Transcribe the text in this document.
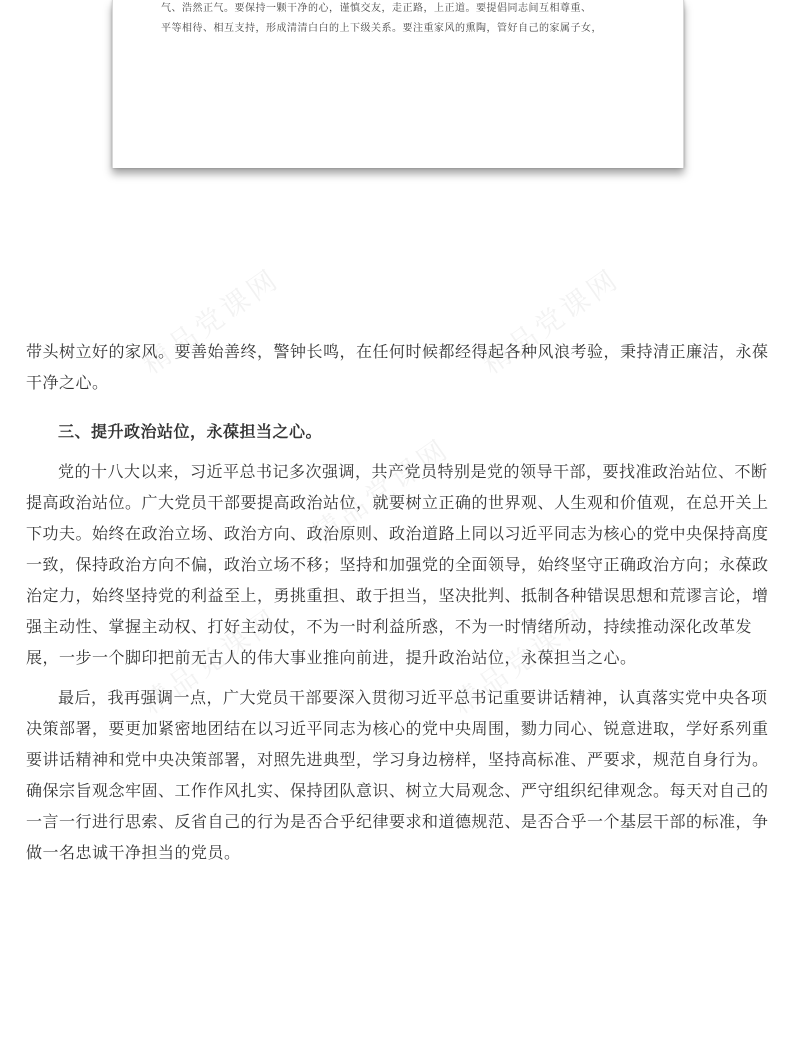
气、浩然正气。要保持一颗干净的心，谨慎交友，走正路，上正道。要提倡同志间互相尊重、
平等相待、相互支持，形成清清白白的上下级关系。要注重家风的熏陶，管好自己的家属子女，
精品党课网	精品党课网
精品党课网
精品党课网
精品党课网

带头树立好的家风。要善始善终，警钟长鸣，在任何时候都经得起各种风浪考验，秉持清正廉洁，永葆干净之心。

三、提升政治站位，永葆担当之心。

党的十八大以来，习近平总书记多次强调，共产党员特别是党的领导干部，要找准政治站位、不断提高政治站位。广大党员干部要提高政治站位，就要树立正确的世界观、人生观和价值观，在总开关上下功夫。始终在政治立场、政治方向、政治原则、政治道路上同以习近平同志为核心的党中央保持高度一致，保持政治方向不偏，政治立场不移；坚持和加强党的全面领导，始终坚守正确政治方向；永葆政治定力，始终坚持党的利益至上，勇挑重担、敢于担当，坚决批判、抵制各种错误思想和荒谬言论，增强主动性、掌握主动权、打好主动仗，不为一时利益所惑，不为一时情绪所动，持续推动深化改革发展，一步一个脚印把前无古人的伟大事业推向前进，提升政治站位，永葆担当之心。

最后，我再强调一点，广大党员干部要深入贯彻习近平总书记重要讲话精神，认真落实党中央各项决策部署，要更加紧密地团结在以习近平同志为核心的党中央周围，勠力同心、锐意进取，学好系列重要讲话精神和党中央决策部署，对照先进典型，学习身边榜样，坚持高标准、严要求，规范自身行为。确保宗旨观念牢固、工作作风扎实、保持团队意识、树立大局观念、严守组织纪律观念。每天对自己的一言一行进行思索、反省自己的行为是否合乎纪律要求和道德规范、是否合乎一个基层干部的标准，争做一名忠诚干净担当的党员。
